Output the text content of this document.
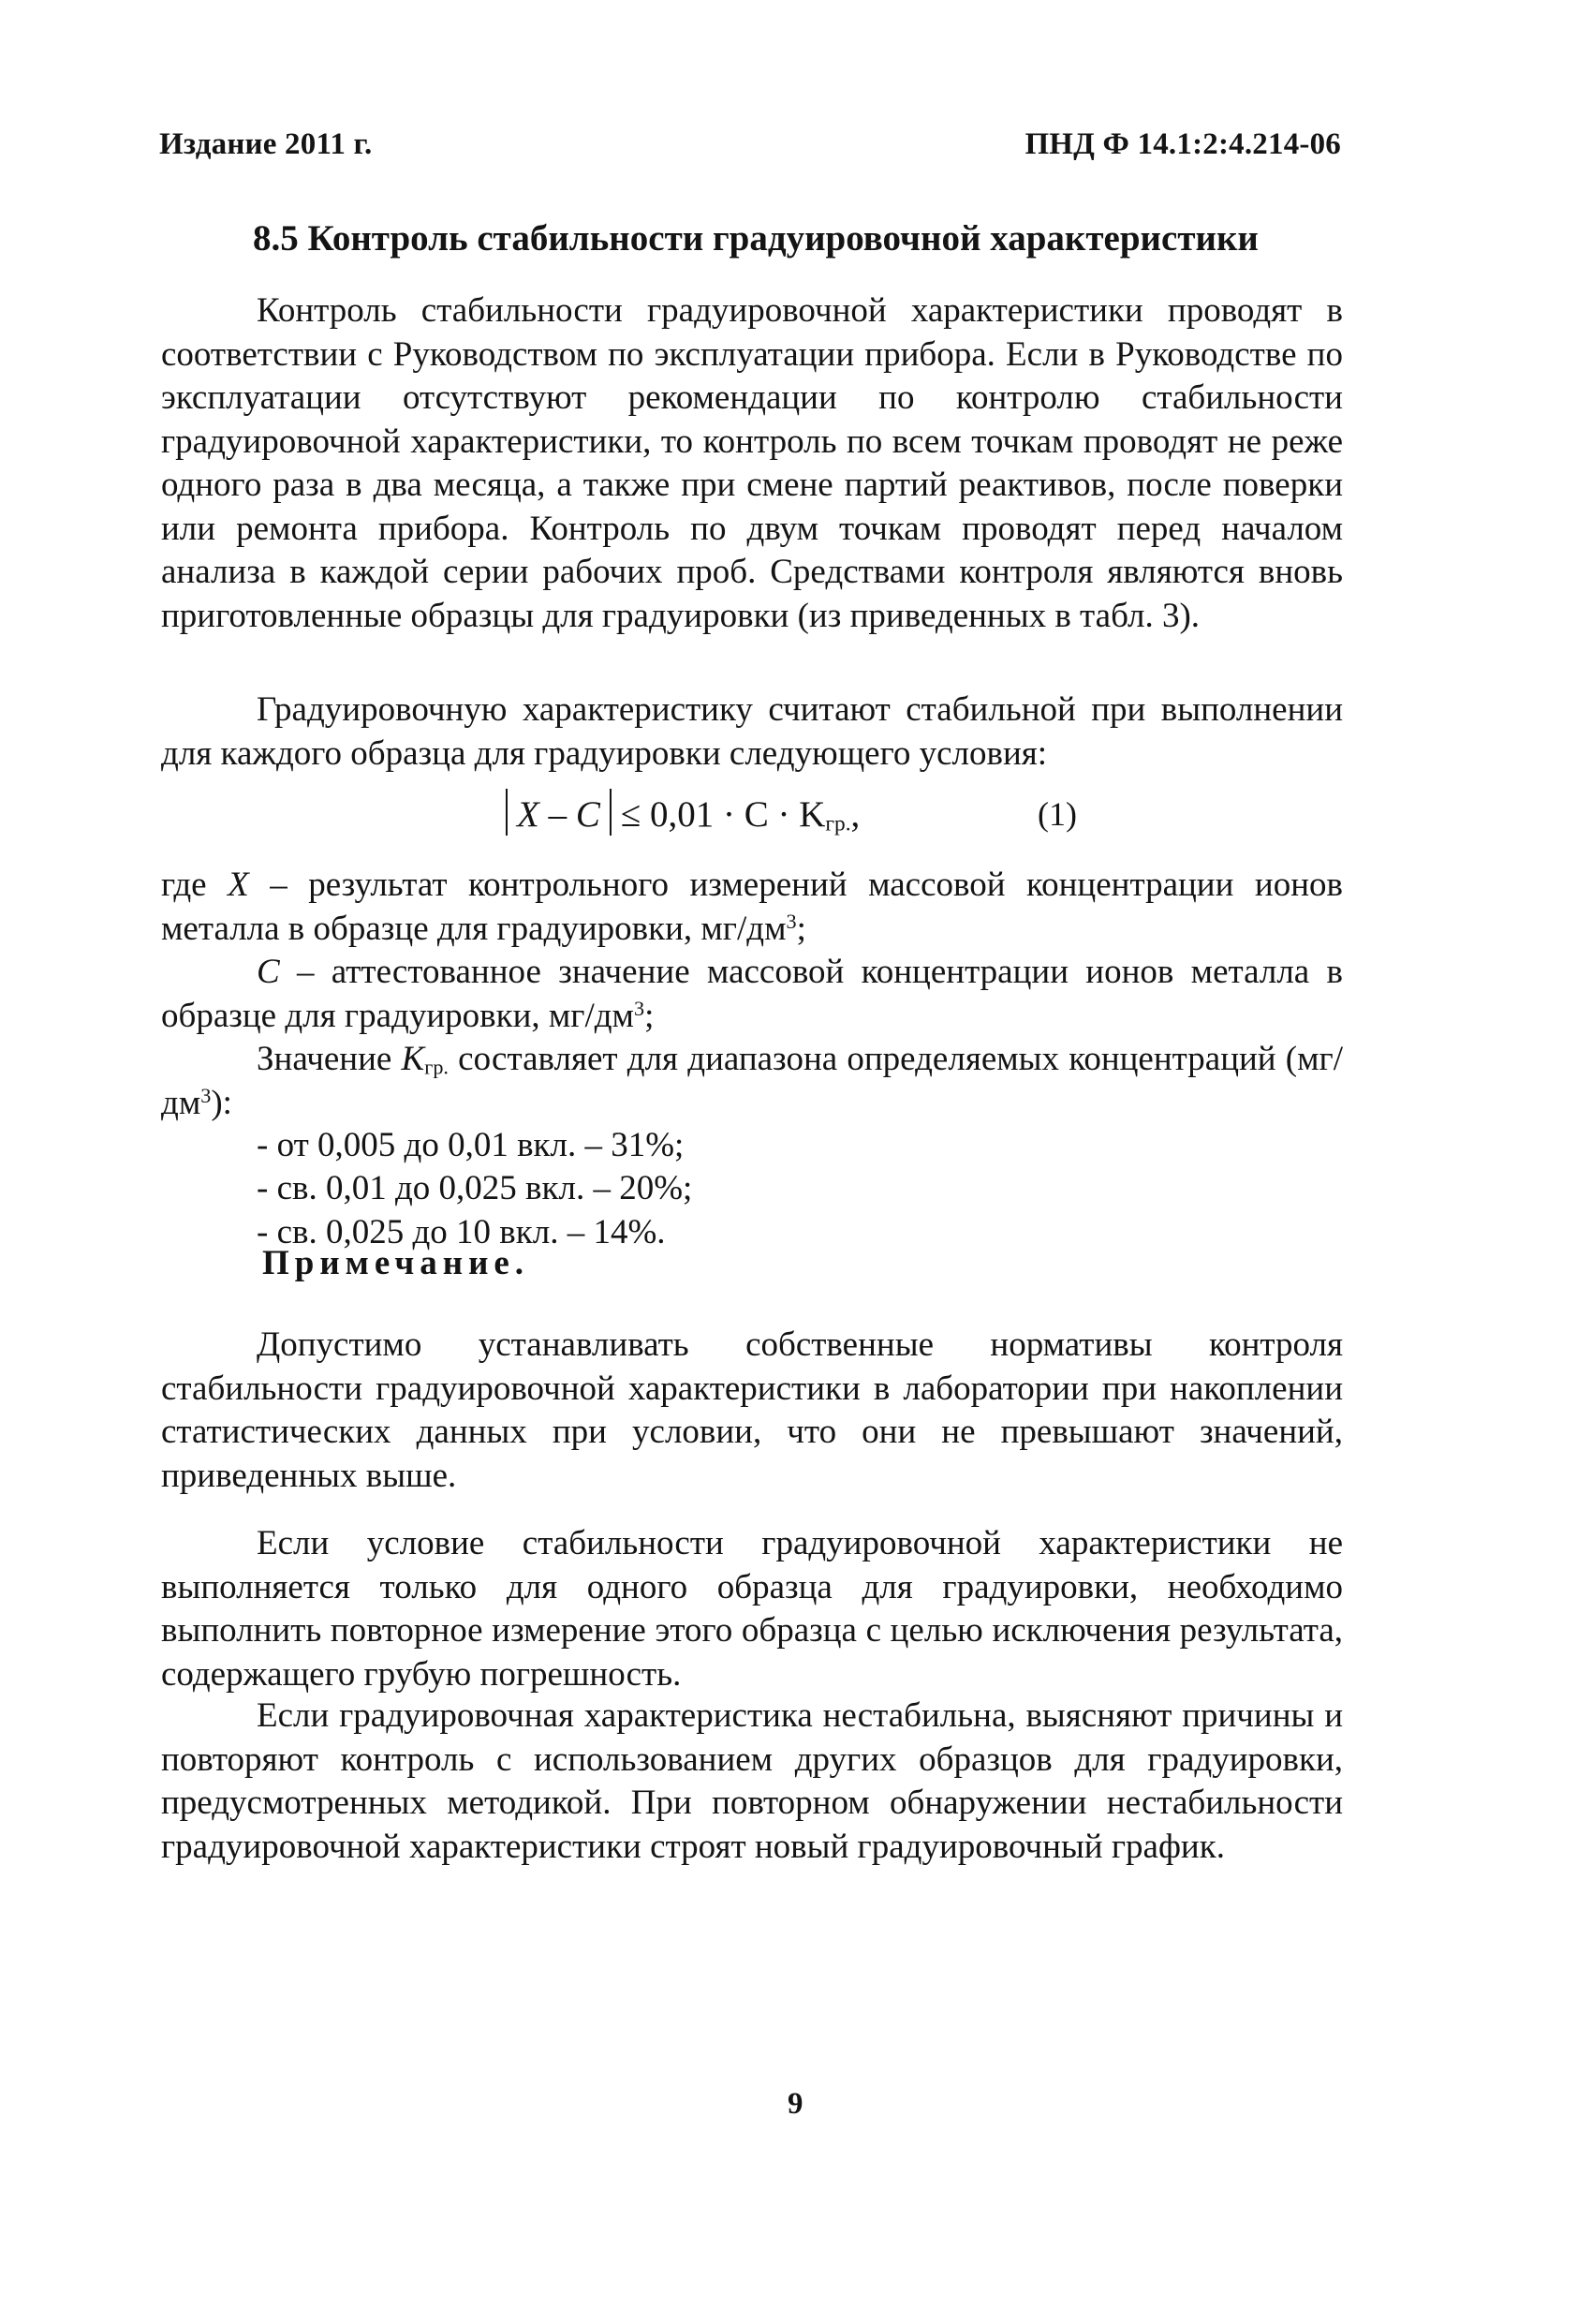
Издание 2011 г.	ПНД Ф 14.1:2:4.214-06
8.5 Контроль стабильности градуировочной характеристики
Контроль стабильности градуировочной характеристики проводят в соответствии с Руководством по эксплуатации прибора. Если в Руководстве по эксплуатации отсутствуют рекомендации по контролю стабильности градуировочной характеристики, то контроль по всем точкам проводят не реже одного раза в два месяца, а также при смене партий реактивов, после поверки или ремонта прибора. Контроль по двум точкам проводят перед началом анализа в каждой серии рабочих проб. Средствами контроля являются вновь приготовленные образцы для градуировки (из приведенных в табл. 3).
Градуировочную характеристику считают стабильной при выполнении для каждого образца для градуировки следующего условия:
$X - C \le 0,01 \cdot C \cdot K_{гр.}$,	(1)
где X – результат контрольного измерений массовой концентрации ионов металла в образце для градуировки, $мг/дм^3$;
C – аттестованное значение массовой концентрации ионов металла в образце для градуировки, $мг/дм^3$;
Значение $K_{гр.}$ составляет для диапазона определяемых концентраций $(мг/дм^3)$:
- от 0,005 до 0,01 вкл. – 31%;
- св. 0,01 до 0,025 вкл. – 20%;
- св. 0,025 до 10 вкл. – 14%.
Примечание.
Допустимо устанавливать собственные нормативы контроля стабильности градуировочной характеристики в лаборатории при накоплении статистических данных при условии, что они не превышают значений, приведенных выше.
Если условие стабильности градуировочной характеристики не выполняется только для одного образца для градуировки, необходимо выполнить повторное измерение этого образца с целью исключения результата, содержащего грубую погрешность.
Если градуировочная характеристика нестабильна, выясняют причины и повторяют контроль с использованием других образцов для градуировки, предусмотренных методикой. При повторном обнаружении нестабильности градуировочной характеристики строят новый градуировочный график.
9
